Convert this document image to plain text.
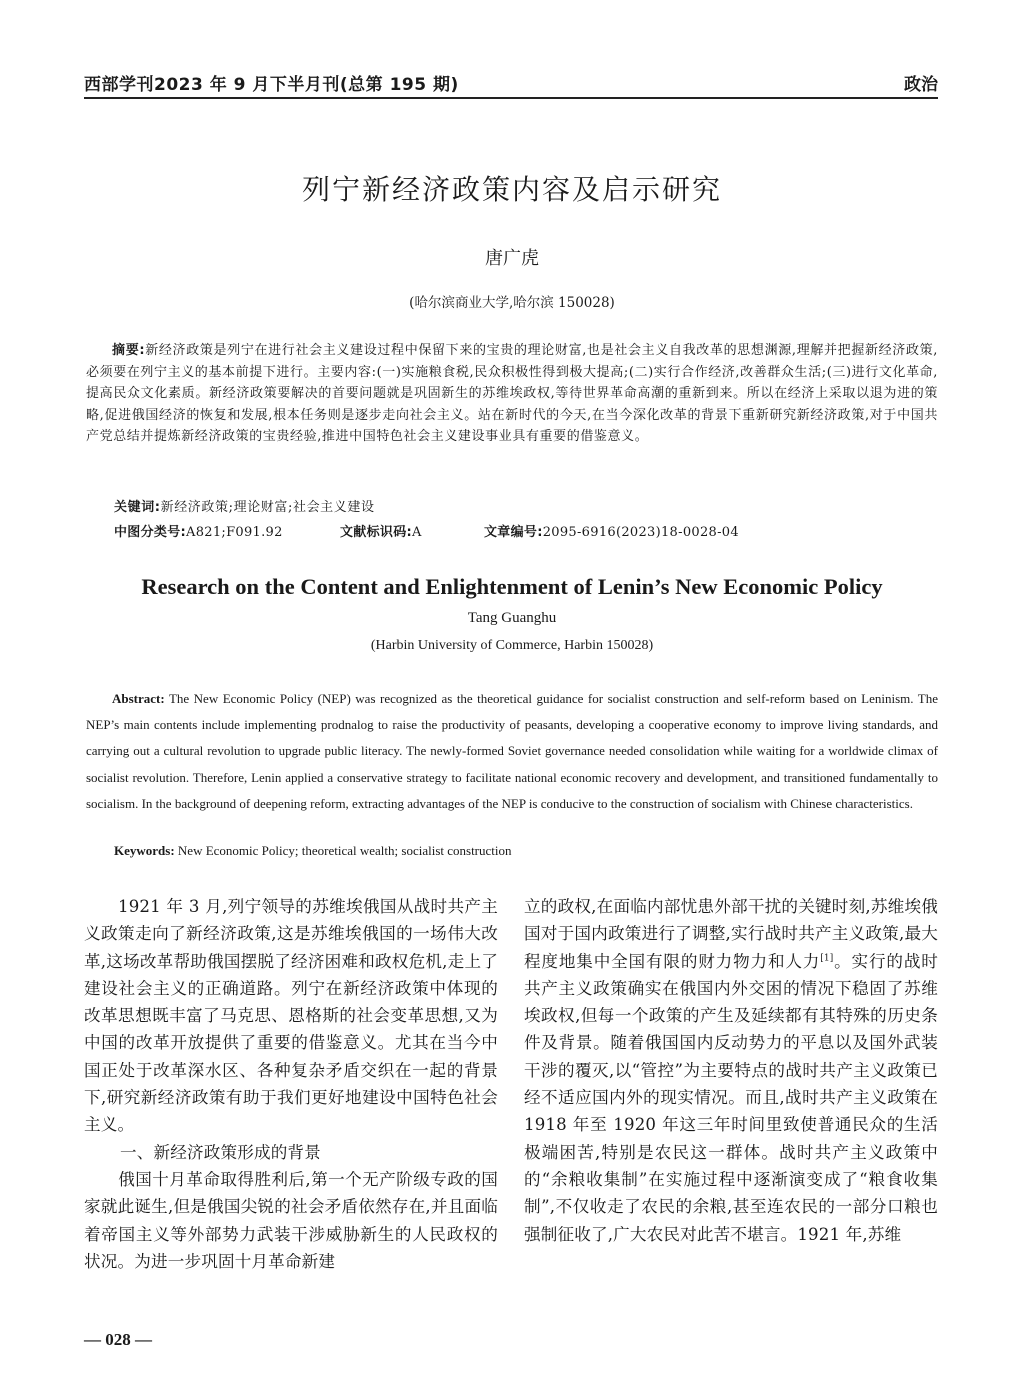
西部学刊2023 年 9 月下半月刊(总第 195 期)	政治
列宁新经济政策内容及启示研究
唐广虎
(哈尔滨商业大学,哈尔滨 150028)
摘要:新经济政策是列宁在进行社会主义建设过程中保留下来的宝贵的理论财富,也是社会主义自我改革的思想渊源,理解并把握新经济政策,必须要在列宁主义的基本前提下进行。主要内容:(一)实施粮食税,民众积极性得到极大提高;(二)实行合作经济,改善群众生活;(三)进行文化革命,提高民众文化素质。新经济政策要解决的首要问题就是巩固新生的苏维埃政权,等待世界革命高潮的重新到来。所以在经济上采取以退为进的策略,促进俄国经济的恢复和发展,根本任务则是逐步走向社会主义。站在新时代的今天,在当今深化改革的背景下重新研究新经济政策,对于中国共产党总结并提炼新经济政策的宝贵经验,推进中国特色社会主义建设事业具有重要的借鉴意义。
关键词:新经济政策;理论财富;社会主义建设
中图分类号:A821;F091.92	文献标识码:A	文章编号:2095-6916(2023)18-0028-04
Research on the Content and Enlightenment of Lenin’s New Economic Policy
Tang Guanghu
(Harbin University of Commerce, Harbin 150028)
Abstract: The New Economic Policy (NEP) was recognized as the theoretical guidance for socialist construction and self-reform based on Leninism. The NEP’s main contents include implementing prodnalog to raise the productivity of peasants, developing a cooperative economy to improve living standards, and carrying out a cultural revolution to upgrade public literacy. The newly-formed Soviet governance needed consolidation while waiting for a worldwide climax of socialist revolution. Therefore, Lenin applied a conservative strategy to facilitate national economic recovery and development, and transitioned fundamentally to socialism. In the background of deepening reform, extracting advantages of the NEP is conducive to the construction of socialism with Chinese characteristics.
Keywords: New Economic Policy; theoretical wealth; socialist construction

1921 年 3 月,列宁领导的苏维埃俄国从战时共产主义政策走向了新经济政策,这是苏维埃俄国的一场伟大改革,这场改革帮助俄国摆脱了经济困难和政权危机,走上了建设社会主义的正确道路。列宁在新经济政策中体现的改革思想既丰富了马克思、恩格斯的社会变革思想,又为中国的改革开放提供了重要的借鉴意义。尤其在当今中国正处于改革深水区、各种复杂矛盾交织在一起的背景下,研究新经济政策有助于我们更好地建设中国特色社会主义。

一、新经济政策形成的背景

俄国十月革命取得胜利后,第一个无产阶级专政的国家就此诞生,但是俄国尖锐的社会矛盾依然存在,并且面临着帝国主义等外部势力武装干涉威胁新生的人民政权的状况。为进一步巩固十月革命新建

立的政权,在面临内部忧患外部干扰的关键时刻,苏维埃俄国对于国内政策进行了调整,实行战时共产主义政策,最大程度地集中全国有限的财力物力和人力[1]。实行的战时共产主义政策确实在俄国内外交困的情况下稳固了苏维埃政权,但每一个政策的产生及延续都有其特殊的历史条件及背景。随着俄国国内反动势力的平息以及国外武装干涉的覆灭,以“管控”为主要特点的战时共产主义政策已经不适应国内外的现实情况。而且,战时共产主义政策在 1918 年至 1920 年这三年时间里致使普通民众的生活极端困苦,特别是农民这一群体。战时共产主义政策中的“余粮收集制”在实施过程中逐渐演变成了“粮食收集制”,不仅收走了农民的余粮,甚至连农民的一部分口粮也强制征收了,广大农民对此苦不堪言。1921 年,苏维

— 028 —
